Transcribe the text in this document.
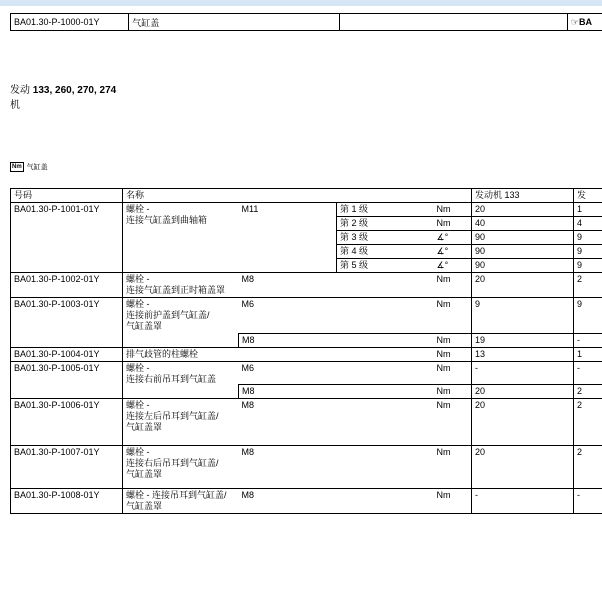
BA01.30-P-1000-01Y	气缸盖		☞BA
发动 133, 260, 270, 274
机
Nm 气缸盖
号码	名称				发动机 133	发
BA01.30-P-1001-01Y	螺栓 -
连接气缸盖到曲轴箱	M11	第 1 级	Nm	20	1
			第 2 级	Nm	40	4
			第 3 级	∡°	90	9
			第 4 级	∡°	90	9
			第 5 级	∡°	90	9
BA01.30-P-1002-01Y	螺栓 -
连接气缸盖到正时箱盖罩	M8		Nm	20	2
BA01.30-P-1003-01Y	螺栓 -
连接前护盖到气缸盖/
气缸盖罩	M6		Nm	9	9
		M8		Nm	19	-
BA01.30-P-1004-01Y	排气歧管的柱螺栓			Nm	13	1
BA01.30-P-1005-01Y	螺栓 -
连接右前吊耳到气缸盖	M6		Nm	-	-
		M8		Nm	20	2
BA01.30-P-1006-01Y	螺栓 -
连接左后吊耳到气缸盖/
气缸盖罩	M8		Nm	20	2
BA01.30-P-1007-01Y	螺栓 -
连接右后吊耳到气缸盖/
气缸盖罩	M8		Nm	20	2
BA01.30-P-1008-01Y	螺栓 - 连接吊耳到气缸盖/
气缸盖罩	M8		Nm	-	-
